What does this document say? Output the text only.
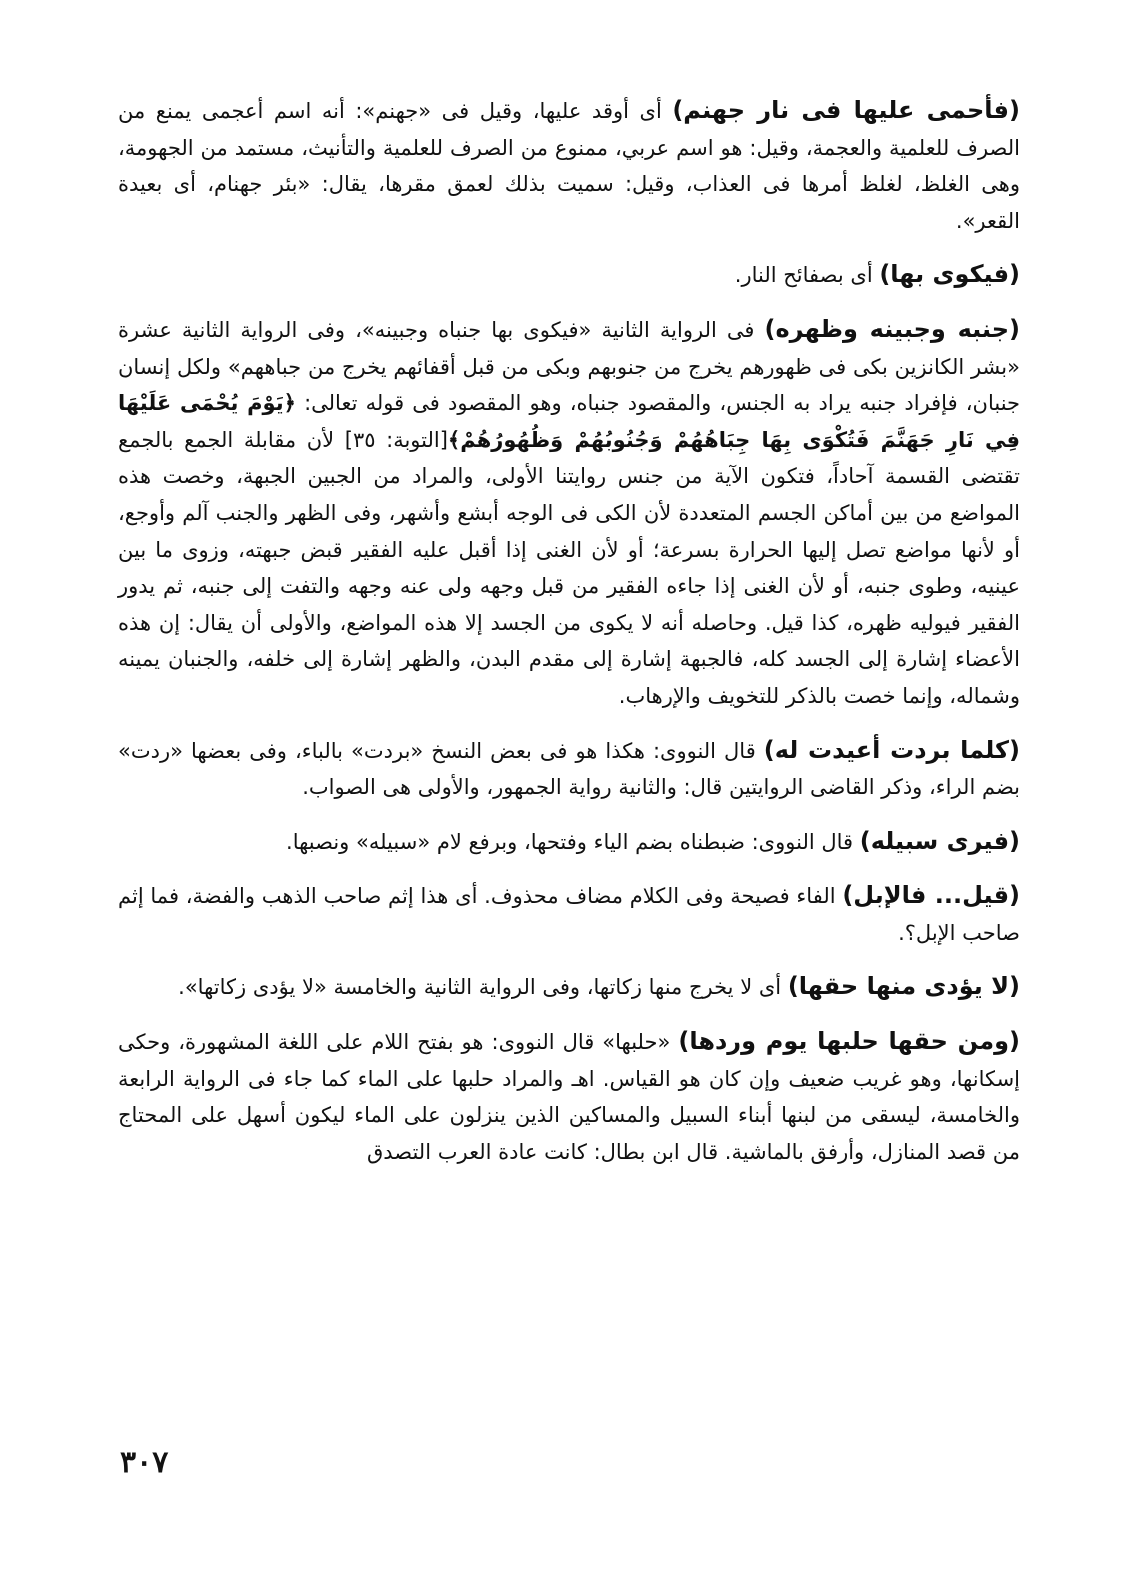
(فأحمى عليها فى نار جهنم) أى أوقد عليها، وقيل فى «جهنم»: أنه اسم أعجمى يمنع من الصرف للعلمية والعجمة، وقيل: هو اسم عربي، ممنوع من الصرف للعلمية والتأنيث، مستمد من الجهومة، وهى الغلظ، لغلظ أمرها فى العذاب، وقيل: سميت بذلك لعمق مقرها، يقال: «بئر جهنام، أى بعيدة القعر».

(فيكوى بها) أى بصفائح النار.

(جنبه وجبينه وظهره) فى الرواية الثانية «فيكوى بها جنباه وجبينه»، وفى الرواية الثانية عشرة «بشر الكانزين بكى فى ظهورهم يخرج من جنوبهم وبكى من قبل أقفائهم يخرج من جباههم» ولكل إنسان جنبان، فإفراد جنبه يراد به الجنس، والمقصود جنباه، وهو المقصود فى قوله تعالى: ﴿يَوْمَ يُحْمَى عَلَيْهَا فِي نَارِ جَهَنَّمَ فَتُكْوَى بِهَا جِبَاهُهُمْ وَجُنُوبُهُمْ وَظُهُورُهُمْ﴾[التوبة: ٣٥] لأن مقابلة الجمع بالجمع تقتضى القسمة آحاداً، فتكون الآية من جنس روايتنا الأولى، والمراد من الجبين الجبهة، وخصت هذه المواضع من بين أماكن الجسم المتعددة لأن الكى فى الوجه أبشع وأشهر، وفى الظهر والجنب آلم وأوجع، أو لأنها مواضع تصل إليها الحرارة بسرعة؛ أو لأن الغنى إذا أقبل عليه الفقير قبض جبهته، وزوى ما بين عينيه، وطوى جنبه، أو لأن الغنى إذا جاءه الفقير من قبل وجهه ولى عنه وجهه والتفت إلى جنبه، ثم يدور الفقير فيوليه ظهره، كذا قيل. وحاصله أنه لا يكوى من الجسد إلا هذه المواضع، والأولى أن يقال: إن هذه الأعضاء إشارة إلى الجسد كله، فالجبهة إشارة إلى مقدم البدن، والظهر إشارة إلى خلفه، والجنبان يمينه وشماله، وإنما خصت بالذكر للتخويف والإرهاب.

(كلما بردت أعيدت له) قال النووى: هكذا هو فى بعض النسخ «بردت» بالباء، وفى بعضها «ردت» بضم الراء، وذكر القاضى الروايتين قال: والثانية رواية الجمهور، والأولى هى الصواب.

(فيرى سبيله) قال النووى: ضبطناه بضم الياء وفتحها، وبرفع لام «سبيله» ونصبها.

(قيل... فالإبل) الفاء فصيحة وفى الكلام مضاف محذوف. أى هذا إثم صاحب الذهب والفضة، فما إثم صاحب الإبل؟.

(لا يؤدى منها حقها) أى لا يخرج منها زكاتها، وفى الرواية الثانية والخامسة «لا يؤدى زكاتها».

(ومن حقها حلبها يوم وردها) «حلبها» قال النووى: هو بفتح اللام على اللغة المشهورة، وحكى إسكانها، وهو غريب ضعيف وإن كان هو القياس. اهـ والمراد حلبها على الماء كما جاء فى الرواية الرابعة والخامسة، ليسقى من لبنها أبناء السبيل والمساكين الذين ينزلون على الماء ليكون أسهل على المحتاج من قصد المنازل، وأرفق بالماشية. قال ابن بطال: كانت عادة العرب التصدق

٣٠٧
